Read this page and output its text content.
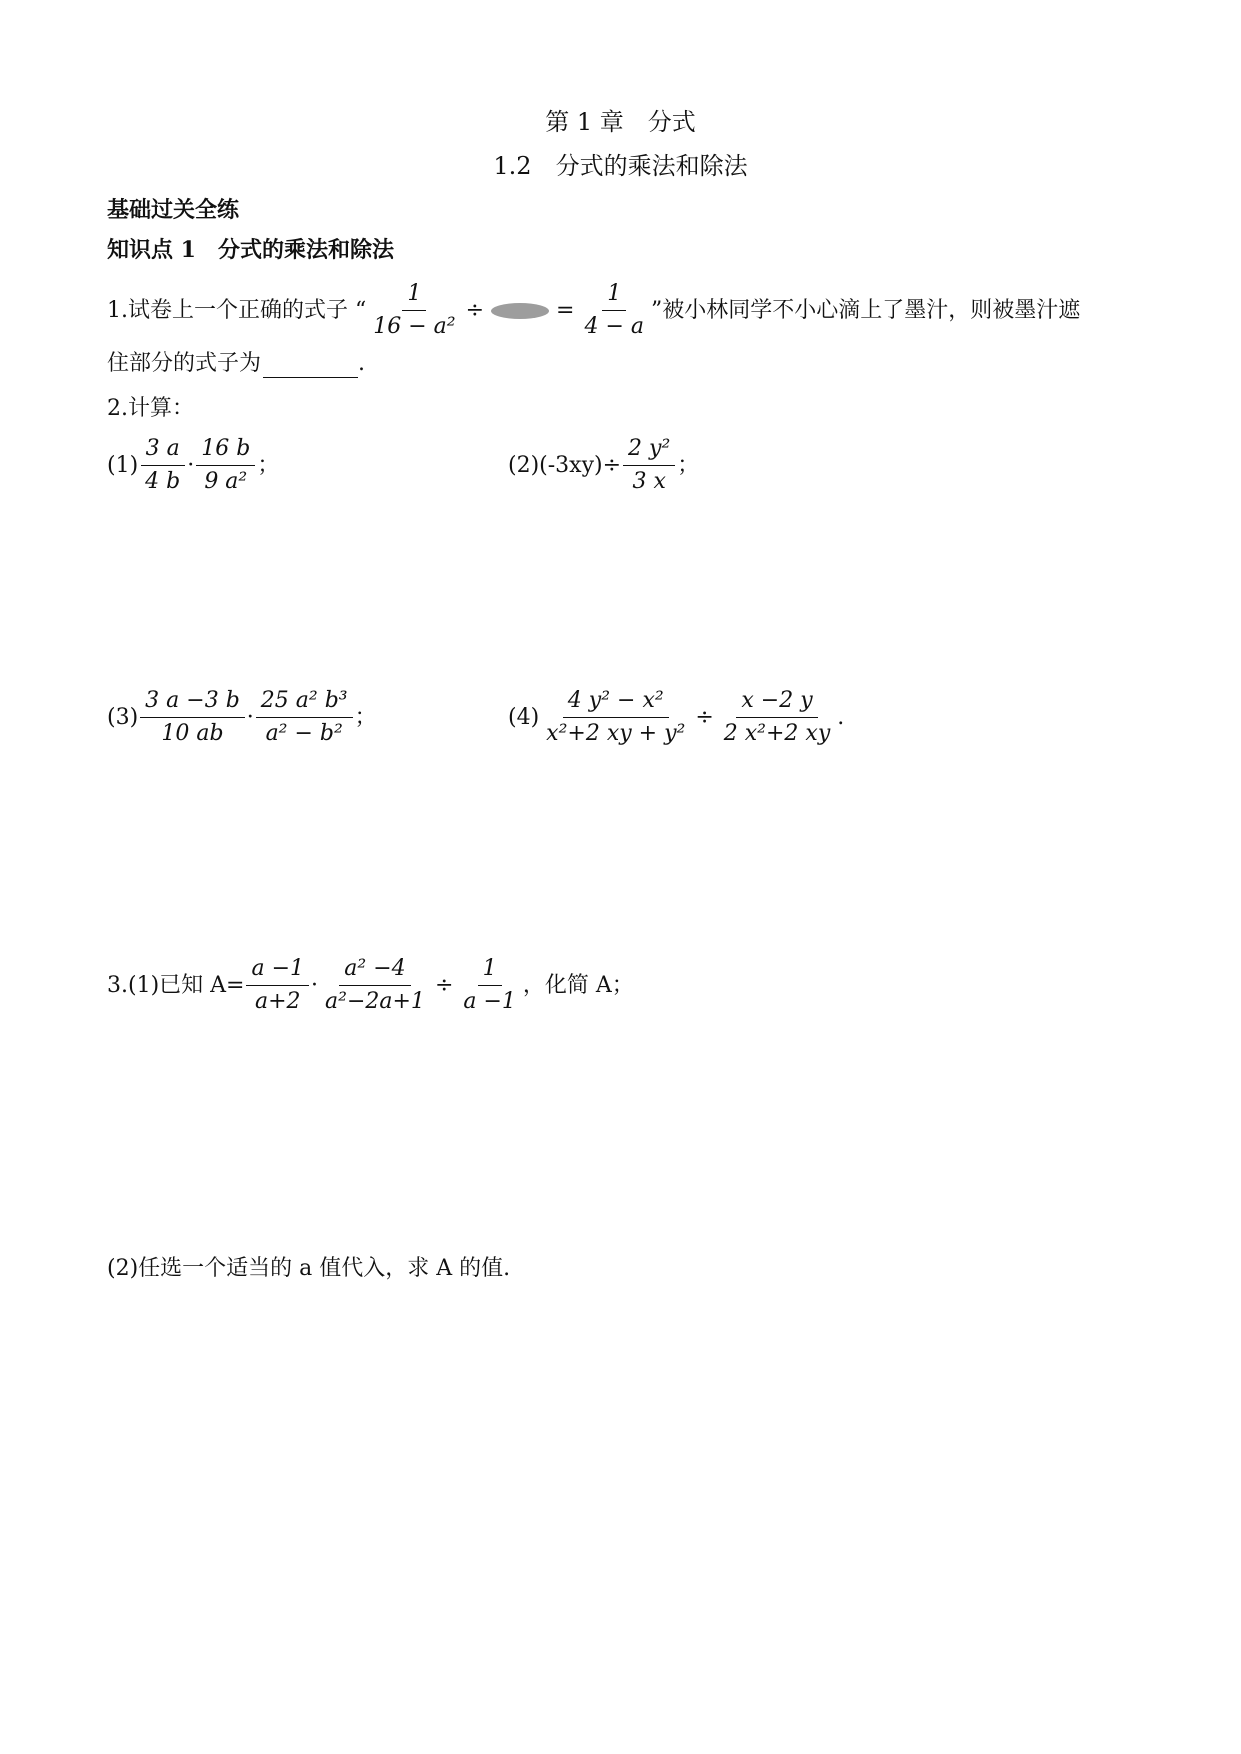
第 1 章　分式
1.2　分式的乘法和除法
基础过关全练
知识点 1　分式的乘法和除法
1.试卷上一个正确的式子 “ $\frac{1}{\text{16 − a²}}$ ÷	= $\frac{1}{4 - a}$ ”被小林同学不小心滴上了墨汁，则被墨汁遮
住部分的式子为	.
2.计算：
$(1) \frac{3 a}{4 b} \cdot \frac{16 b}{\text{9 a²}}$ ；	$(2)(-3xy)\div \frac{\text{2 y²}}{3 x}$ ；
$(3) \frac{3 a -3 b}{10 ab} \cdot \frac{\text{25 a² b³}}{\text{a² − b²}}$ ；	$(4) \frac{\text{4 y² − x²}}{\text{x²+2 xy + y²}} \div \frac{x -2 y}{\text{2 x²+2 xy}}$ .
3.(1)已知 $A= \frac{a -1}{a+2} \cdot \frac{\text{a² −4}}{\text{a²−2a+1}} \div \frac{1}{a -1}$ ，化简 A；
(2)任选一个适当的 a 值代入，求 A 的值.
